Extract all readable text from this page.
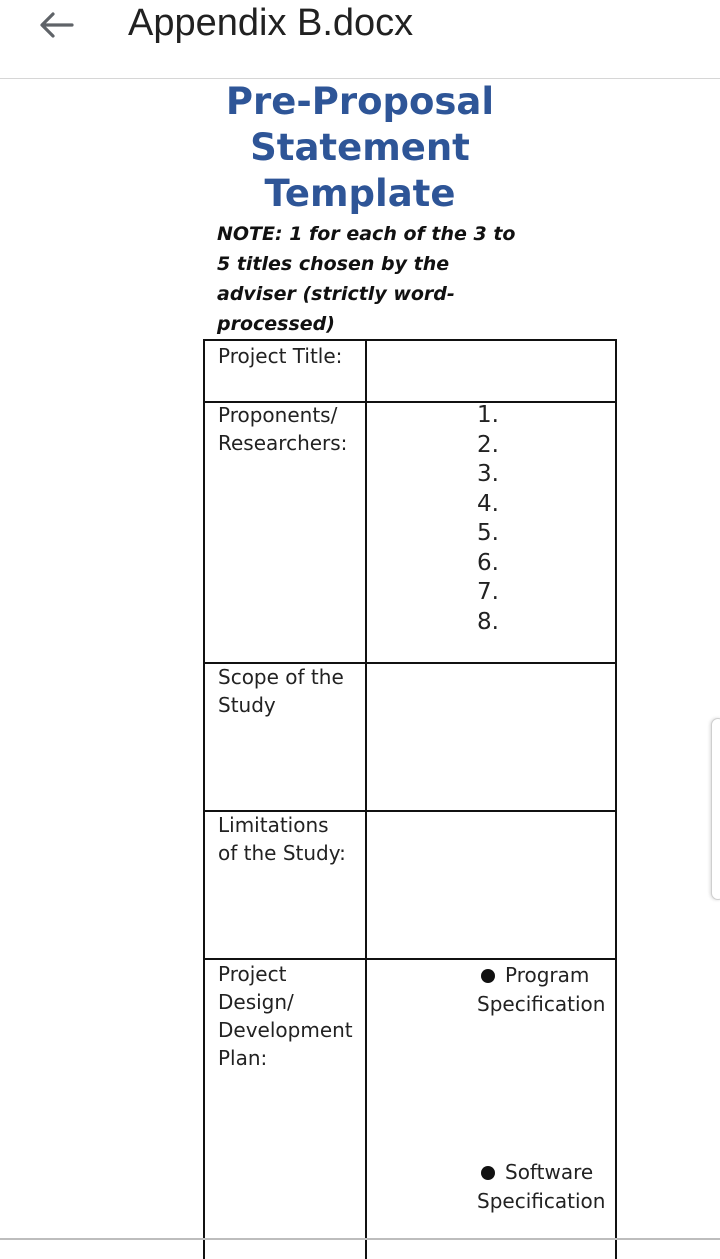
Appendix B.docx
Pre-Proposal
Statement
Template
NOTE: 1 for each of the 3 to
5 titles chosen by the
adviser (strictly word-
processed)
Project Title:
Proponents/
Researchers:
1.
2.
3.
4.
5.
6.
7.
8.
Scope of the
Study
Limitations
of the Study:
Project
Design/
Development
Plan:
Program
Specification
Software
Specification
